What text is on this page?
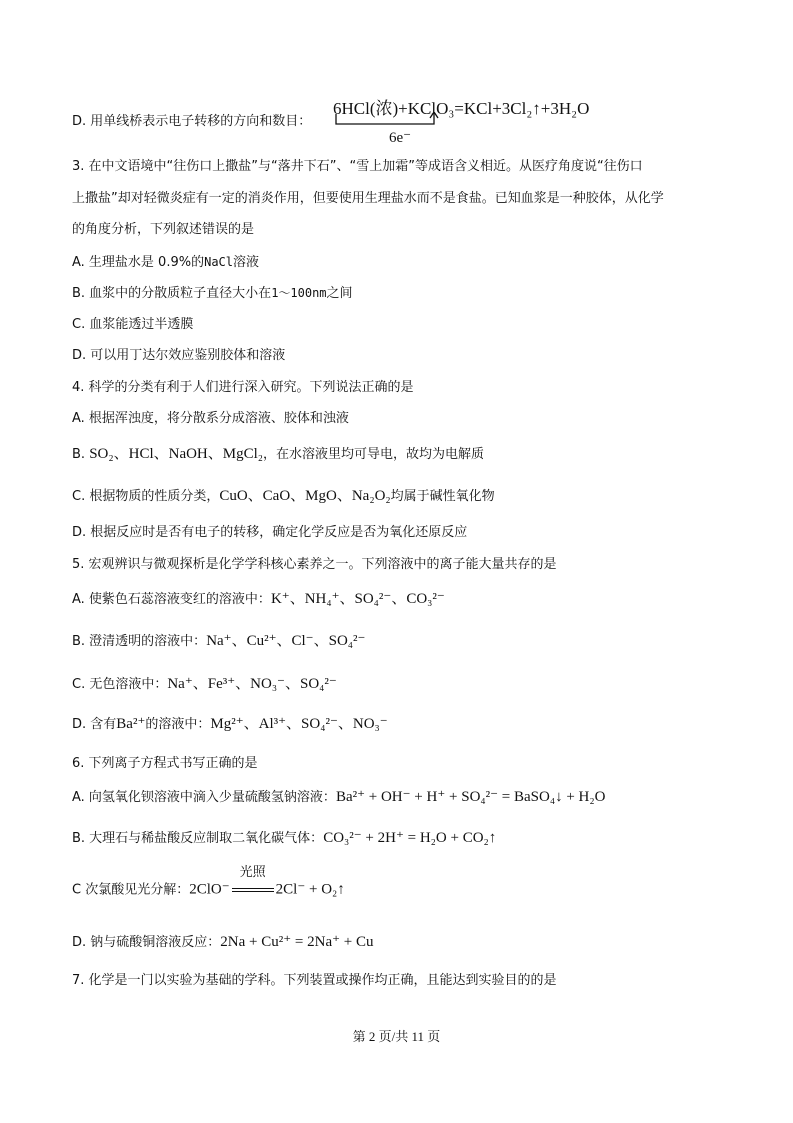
D. 用单线桥表示电子转移的方向和数目：
6HCl(浓)+KClO₃=KCl+3Cl₂↑+3H₂O
6e⁻
3. 在中文语境中“往伤口上撒盐”与“落井下石”、“雪上加霜”等成语含义相近。从医疗角度说“往伤口
上撒盐”却对轻微炎症有一定的消炎作用，但要使用生理盐水而不是食盐。已知血浆是一种胶体，从化学
的角度分析，下列叙述错误的是
A. 生理盐水是 0.9%的NaCl溶液
B. 血浆中的分散质粒子直径大小在1～100nm之间
C. 血浆能透过半透膜
D. 可以用丁达尔效应鉴别胶体和溶液
4. 科学的分类有利于人们进行深入研究。下列说法正确的是
A. 根据浑浊度，将分散系分成溶液、胶体和浊液
B. SO₂、HCl、NaOH、MgCl₂，在水溶液里均可导电，故均为电解质
C. 根据物质的性质分类，CuO、CaO、MgO、Na₂O₂均属于碱性氧化物
D. 根据反应时是否有电子的转移，确定化学反应是否为氧化还原反应
5. 宏观辨识与微观探析是化学学科核心素养之一。下列溶液中的离子能大量共存的是
A. 使紫色石蕊溶液变红的溶液中：K⁺、NH₄⁺、SO₄²⁻、CO₃²⁻
B. 澄清透明的溶液中：Na⁺、Cu²⁺、Cl⁻、SO₄²⁻
C. 无色溶液中：Na⁺、Fe³⁺、NO₃⁻、SO₄²⁻
D. 含有Ba²⁺的溶液中：Mg²⁺、Al³⁺、SO₄²⁻、NO₃⁻
6. 下列离子方程式书写正确的是
A. 向氢氧化钡溶液中滴入少量硫酸氢钠溶液：Ba²⁺ + OH⁻ + H⁺ + SO₄²⁻ = BaSO₄↓ + H₂O
B. 大理石与稀盐酸反应制取二氧化碳气体：CO₃²⁻ + 2H⁺ = H₂O + CO₂↑
C 次氯酸见光分解：2ClO⁻
光照
2Cl⁻ + O₂↑
D. 钠与硫酸铜溶液反应：2Na + Cu²⁺ = 2Na⁺ + Cu
7. 化学是一门以实验为基础的学科。下列装置或操作均正确，且能达到实验目的的是
第 2 页/共 11 页
